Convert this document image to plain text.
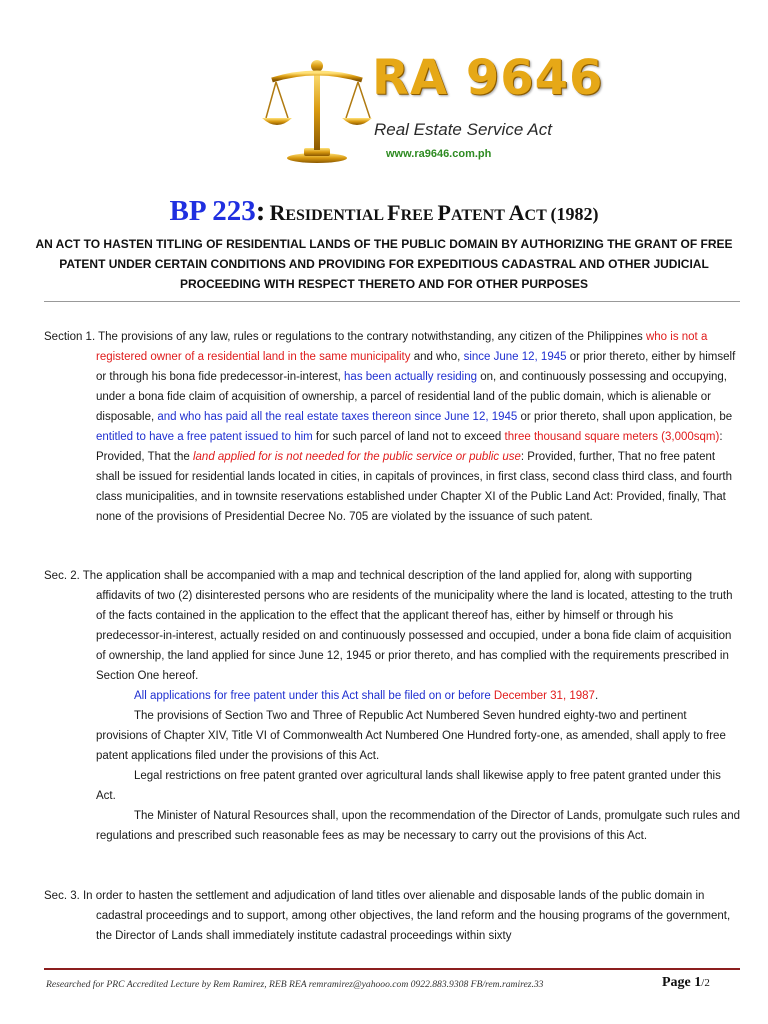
RA 9646
Real Estate Service Act
www.ra9646.com.ph
BP 223: RESIDENTIAL FREE PATENT ACT (1982)
AN ACT TO HASTEN TITLING OF RESIDENTIAL LANDS OF THE PUBLIC DOMAIN BY AUTHORIZING THE GRANT OF FREE PATENT UNDER CERTAIN CONDITIONS AND PROVIDING FOR EXPEDITIOUS CADASTRAL AND OTHER JUDICIAL PROCEEDING WITH RESPECT THERETO AND FOR OTHER PURPOSES

Section 1. The provisions of any law, rules or regulations to the contrary notwithstanding, any citizen of the Philippines who is not a registered owner of a residential land in the same municipality and who, since June 12, 1945 or prior thereto, either by himself or through his bona fide predecessor-in-interest, has been actually residing on, and continuously possessing and occupying, under a bona fide claim of acquisition of ownership, a parcel of residential land of the public domain, which is alienable or disposable, and who has paid all the real estate taxes thereon since June 12, 1945 or prior thereto, shall upon application, be entitled to have a free patent issued to him for such parcel of land not to exceed three thousand square meters (3,000sqm): Provided, That the land applied for is not needed for the public service or public use: Provided, further, That no free patent shall be issued for residential lands located in cities, in capitals of provinces, in first class, second class third class, and fourth class municipalities, and in townsite reservations established under Chapter XI of the Public Land Act: Provided, finally, That none of the provisions of Presidential Decree No. 705 are violated by the issuance of such patent.

Sec. 2. The application shall be accompanied with a map and technical description of the land applied for, along with supporting affidavits of two (2) disinterested persons who are residents of the municipality where the land is located, attesting to the truth of the facts contained in the application to the effect that the applicant thereof has, either by himself or through his predecessor-in-interest, actually resided on and continuously possessed and occupied, under a bona fide claim of acquisition of ownership, the land applied for since June 12, 1945 or prior thereto, and has complied with the requirements prescribed in Section One hereof.

All applications for free patent under this Act shall be filed on or before December 31, 1987.

The provisions of Section Two and Three of Republic Act Numbered Seven hundred eighty-two and pertinent provisions of Chapter XIV, Title VI of Commonwealth Act Numbered One Hundred forty-one, as amended, shall apply to free patent applications filed under the provisions of this Act.

Legal restrictions on free patent granted over agricultural lands shall likewise apply to free patent granted under this Act.

The Minister of Natural Resources shall, upon the recommendation of the Director of Lands, promulgate such rules and regulations and prescribed such reasonable fees as may be necessary to carry out the provisions of this Act.

Sec. 3. In order to hasten the settlement and adjudication of land titles over alienable and disposable lands of the public domain in cadastral proceedings and to support, among other objectives, the land reform and the housing programs of the government, the Director of Lands shall immediately institute cadastral proceedings within sixty

Researched for PRC Accredited Lecture by Rem Ramirez, REB REA remramirez@yahooo.com 0922.883.9308 FB/rem.ramirez.33	Page 1/2
